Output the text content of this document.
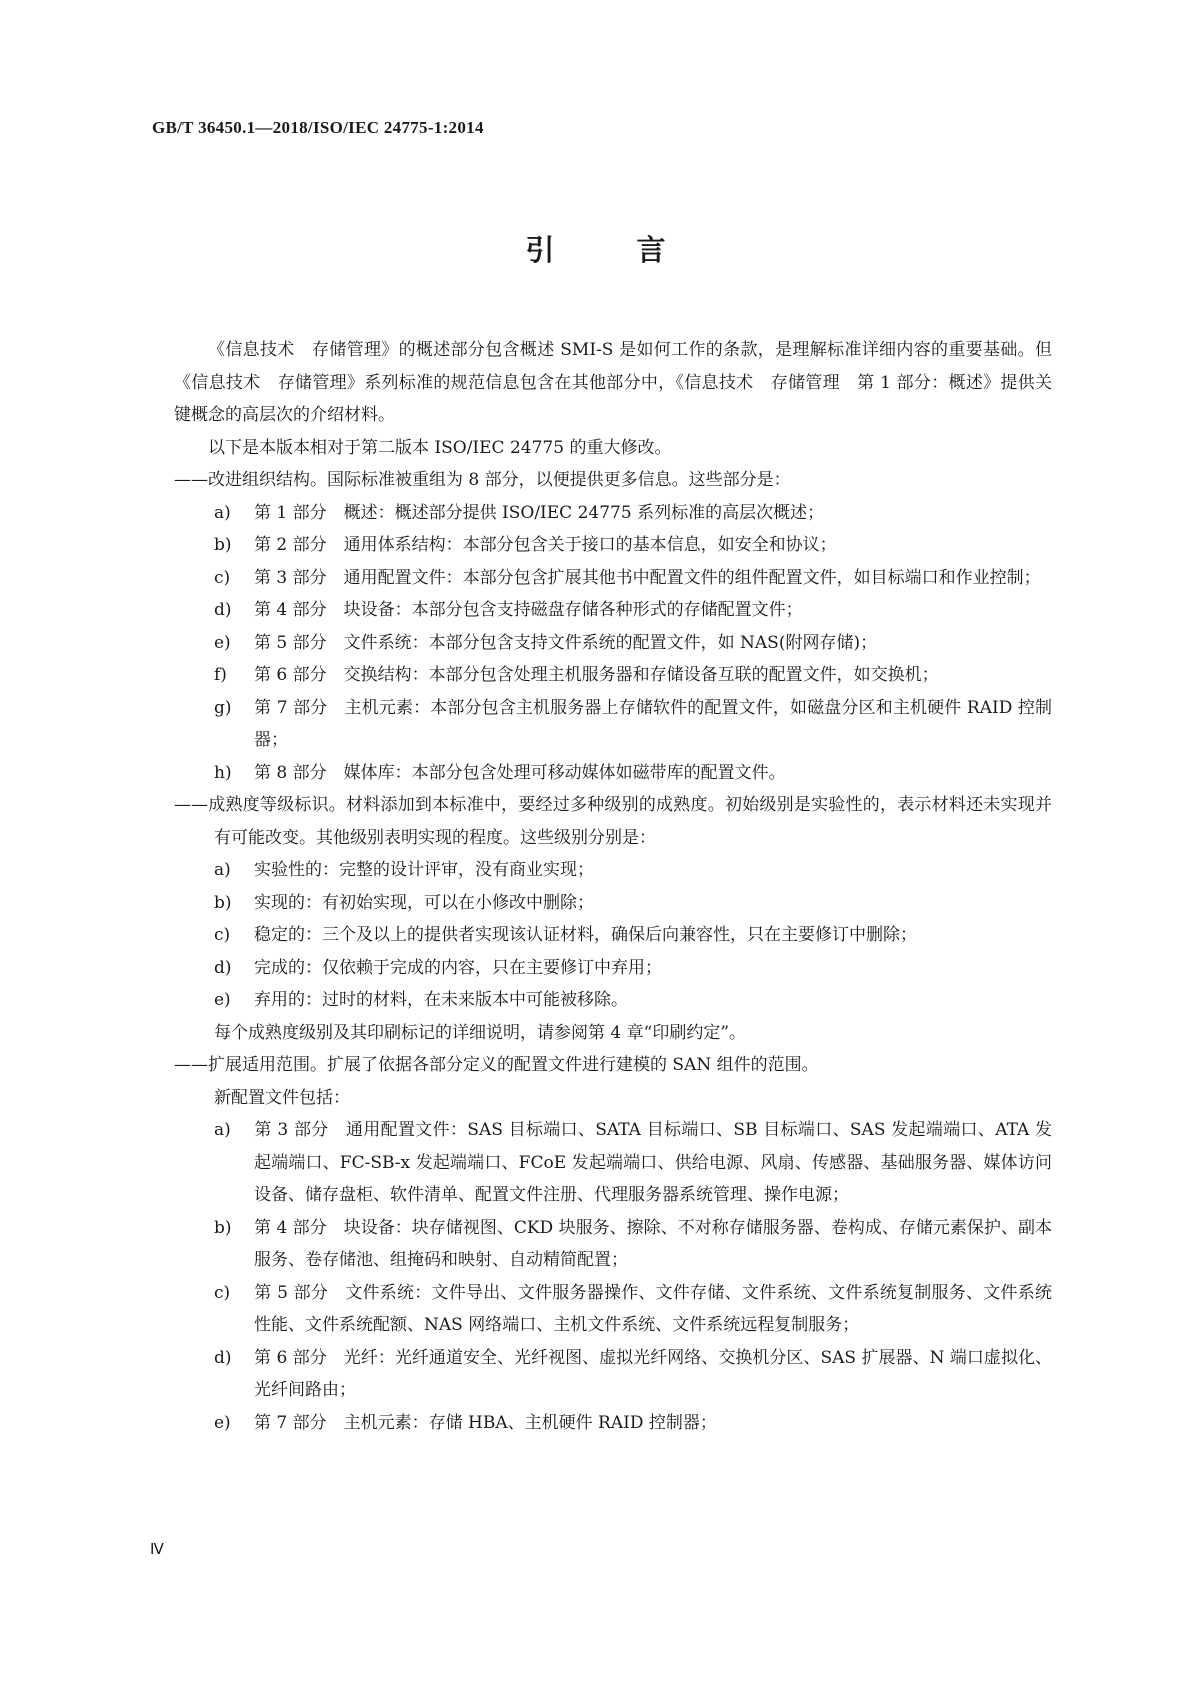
GB/T 36450.1—2018/ISO/IEC 24775-1:2014
引 言

《信息技术　存储管理》的概述部分包含概述 SMI-S 是如何工作的条款，是理解标准详细内容的重要基础。但《信息技术　存储管理》系列标准的规范信息包含在其他部分中，《信息技术　存储管理　第 1 部分：概述》提供关键概念的高层次的介绍材料。

以下是本版本相对于第二版本 ISO/IEC 24775 的重大修改。

——改进组织结构。国际标准被重组为 8 部分，以便提供更多信息。这些部分是：

a) 第 1 部分　概述：概述部分提供 ISO/IEC 24775 系列标准的高层次概述；

b) 第 2 部分　通用体系结构：本部分包含关于接口的基本信息，如安全和协议；

c) 第 3 部分　通用配置文件：本部分包含扩展其他书中配置文件的组件配置文件，如目标端口和作业控制；

d) 第 4 部分　块设备：本部分包含支持磁盘存储各种形式的存储配置文件；

e) 第 5 部分　文件系统：本部分包含支持文件系统的配置文件，如 NAS(附网存储)；

f) 第 6 部分　交换结构：本部分包含处理主机服务器和存储设备互联的配置文件，如交换机；

g) 第 7 部分　主机元素：本部分包含主机服务器上存储软件的配置文件，如磁盘分区和主机硬件 RAID 控制器；

h) 第 8 部分　媒体库：本部分包含处理可移动媒体如磁带库的配置文件。

——成熟度等级标识。材料添加到本标准中，要经过多种级别的成熟度。初始级别是实验性的，表示材料还未实现并有可能改变。其他级别表明实现的程度。这些级别分别是：

a) 实验性的：完整的设计评审，没有商业实现；

b) 实现的：有初始实现，可以在小修改中删除；

c) 稳定的：三个及以上的提供者实现该认证材料，确保后向兼容性，只在主要修订中删除；

d) 完成的：仅依赖于完成的内容，只在主要修订中弃用；

e) 弃用的：过时的材料，在未来版本中可能被移除。

每个成熟度级别及其印刷标记的详细说明，请参阅第 4 章“印刷约定”。

——扩展适用范围。扩展了依据各部分定义的配置文件进行建模的 SAN 组件的范围。

新配置文件包括：

a) 第 3 部分　通用配置文件：SAS 目标端口、SATA 目标端口、SB 目标端口、SAS 发起端端口、ATA 发起端端口、FC-SB-x 发起端端口、FCoE 发起端端口、供给电源、风扇、传感器、基础服务器、媒体访问设备、储存盘柜、软件清单、配置文件注册、代理服务器系统管理、操作电源；

b) 第 4 部分　块设备：块存储视图、CKD 块服务、擦除、不对称存储服务器、卷构成、存储元素保护、副本服务、卷存储池、组掩码和映射、自动精简配置；

c) 第 5 部分　文件系统：文件导出、文件服务器操作、文件存储、文件系统、文件系统复制服务、文件系统性能、文件系统配额、NAS 网络端口、主机文件系统、文件系统远程复制服务；

d) 第 6 部分　光纤：光纤通道安全、光纤视图、虚拟光纤网络、交换机分区、SAS 扩展器、N 端口虚拟化、光纤间路由；

e) 第 7 部分　主机元素：存储 HBA、主机硬件 RAID 控制器；

Ⅳ
